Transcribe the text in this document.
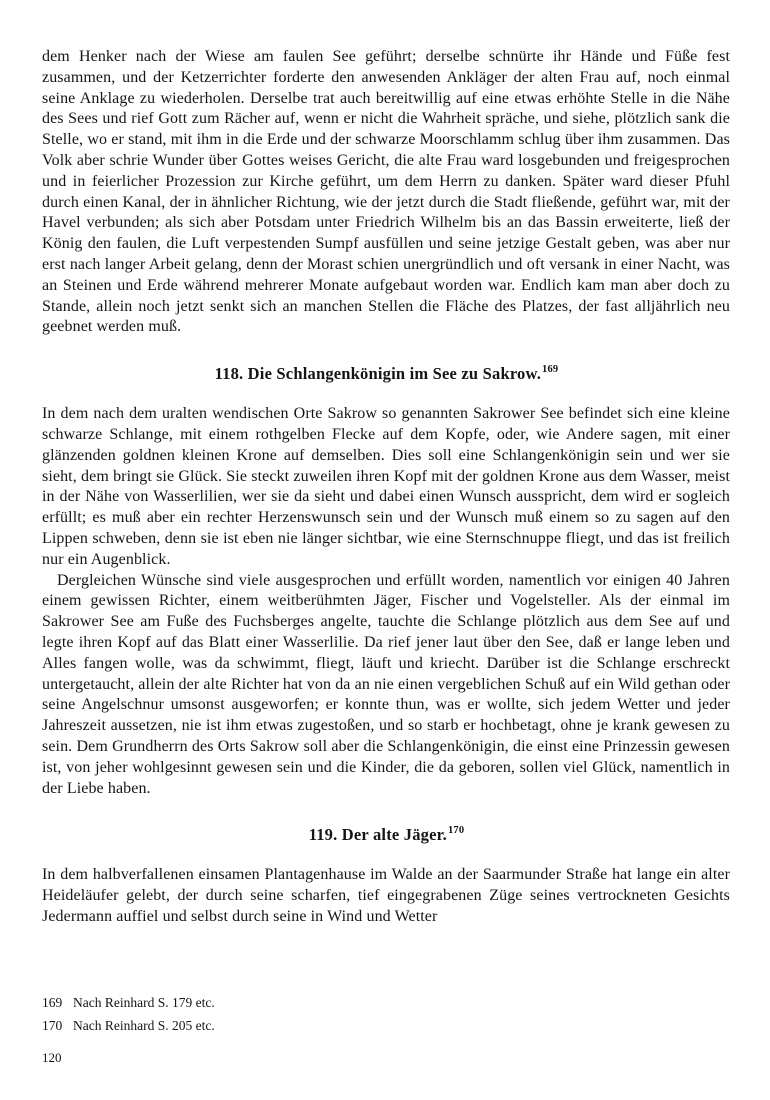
dem Henker nach der Wiese am faulen See geführt; derselbe schnürte ihr Hände und Füße fest zusammen, und der Ketzerrichter forderte den anwesenden Ankläger der alten Frau auf, noch einmal seine Anklage zu wiederholen. Derselbe trat auch bereitwillig auf eine etwas erhöhte Stelle in die Nähe des Sees und rief Gott zum Rächer auf, wenn er nicht die Wahrheit spräche, und siehe, plötzlich sank die Stelle, wo er stand, mit ihm in die Erde und der schwarze Moorschlamm schlug über ihm zusammen. Das Volk aber schrie Wunder über Gottes weises Gericht, die alte Frau ward losgebunden und freigesprochen und in feierlicher Prozession zur Kirche geführt, um dem Herrn zu danken. Später ward dieser Pfuhl durch einen Kanal, der in ähnlicher Richtung, wie der jetzt durch die Stadt fließende, geführt war, mit der Havel verbunden; als sich aber Potsdam unter Friedrich Wilhelm bis an das Bassin erweiterte, ließ der König den faulen, die Luft verpestenden Sumpf ausfüllen und seine jetzige Gestalt geben, was aber nur erst nach langer Arbeit gelang, denn der Morast schien unergründlich und oft versank in einer Nacht, was an Steinen und Erde während mehrerer Monate aufgebaut worden war. Endlich kam man aber doch zu Stande, allein noch jetzt senkt sich an manchen Stellen die Fläche des Platzes, der fast alljährlich neu geebnet werden muß.

118. Die Schlangenkönigin im See zu Sakrow.$^{169}$

In dem nach dem uralten wendischen Orte Sakrow so genannten Sakrower See befindet sich eine kleine schwarze Schlange, mit einem rothgelben Flecke auf dem Kopfe, oder, wie Andere sagen, mit einer glänzenden goldnen kleinen Krone auf demselben. Dies soll eine Schlangenkönigin sein und wer sie sieht, dem bringt sie Glück. Sie steckt zuweilen ihren Kopf mit der goldnen Krone aus dem Wasser, meist in der Nähe von Wasserlilien, wer sie da sieht und dabei einen Wunsch ausspricht, dem wird er sogleich erfüllt; es muß aber ein rechter Herzenswunsch sein und der Wunsch muß einem so zu sagen auf den Lippen schweben, denn sie ist eben nie länger sichtbar, wie eine Sternschnuppe fliegt, und das ist freilich nur ein Augenblick.

Dergleichen Wünsche sind viele ausgesprochen und erfüllt worden, namentlich vor einigen 40 Jahren einem gewissen Richter, einem weitberühmten Jäger, Fischer und Vogelsteller. Als der einmal im Sakrower See am Fuße des Fuchsberges angelte, tauchte die Schlange plötzlich aus dem See auf und legte ihren Kopf auf das Blatt einer Wasserlilie. Da rief jener laut über den See, daß er lange leben und Alles fangen wolle, was da schwimmt, fliegt, läuft und kriecht. Darüber ist die Schlange erschreckt untergetaucht, allein der alte Richter hat von da an nie einen vergeblichen Schuß auf ein Wild gethan oder seine Angelschnur umsonst ausgeworfen; er konnte thun, was er wollte, sich jedem Wetter und jeder Jahreszeit aussetzen, nie ist ihm etwas zugestoßen, und so starb er hochbetagt, ohne je krank gewesen zu sein. Dem Grundherrn des Orts Sakrow soll aber die Schlangenkönigin, die einst eine Prinzessin gewesen ist, von jeher wohlgesinnt gewesen sein und die Kinder, die da geboren, sollen viel Glück, namentlich in der Liebe haben.

119. Der alte Jäger.$^{170}$

In dem halbverfallenen einsamen Plantagenhause im Walde an der Saarmunder Straße hat lange ein alter Heideläufer gelebt, der durch seine scharfen, tief eingegrabenen Züge seines vertrockneten Gesichts Jedermann auffiel und selbst durch seine in Wind und Wetter

169 Nach Reinhard S. 179 etc.
170 Nach Reinhard S. 205 etc.
120
